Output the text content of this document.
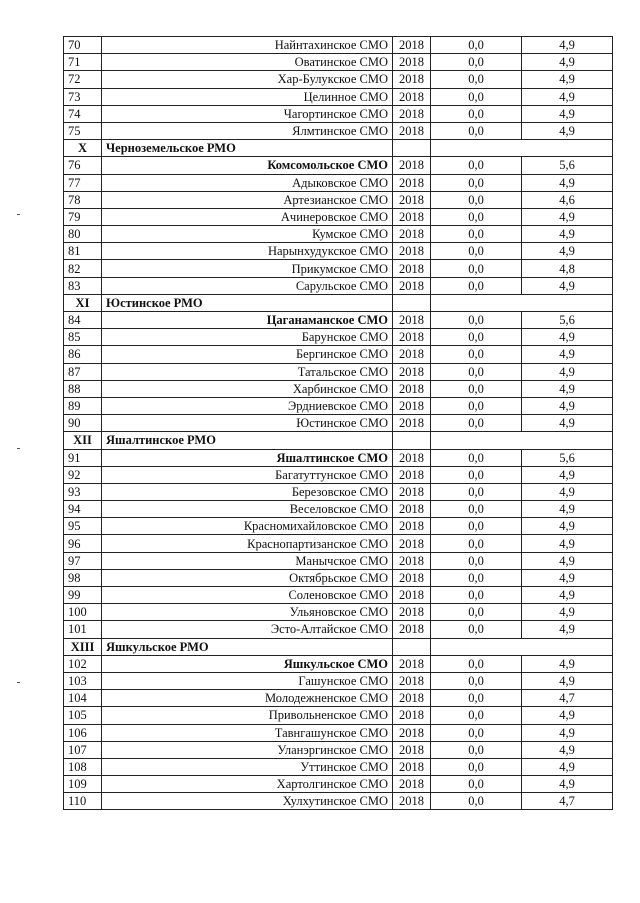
70	Найнтахинское СМО	2018	0,0	4,9
71	Оватинское СМО	2018	0,0	4,9
72	Хар-Булукское СМО	2018	0,0	4,9
73	Целинное СМО	2018	0,0	4,9
74	Чагортинское СМО	2018	0,0	4,9
75	Ялмтинское СМО	2018	0,0	4,9
X	Черноземельское РМО			
76	Комсомольское СМО	2018	0,0	5,6
77	Адыковское СМО	2018	0,0	4,9
78	Артезианское СМО	2018	0,0	4,6
79	Ачинеровское СМО	2018	0,0	4,9
80	Кумское СМО	2018	0,0	4,9
81	Нарынхудукское СМО	2018	0,0	4,9
82	Прикумское СМО	2018	0,0	4,8
83	Сарульское СМО	2018	0,0	4,9
XI	Юстинское РМО			
84	Цаганаманское СМО	2018	0,0	5,6
85	Барунское СМО	2018	0,0	4,9
86	Бергинское СМО	2018	0,0	4,9
87	Татальское СМО	2018	0,0	4,9
88	Харбинское СМО	2018	0,0	4,9
89	Эрдниевское СМО	2018	0,0	4,9
90	Юстинское СМО	2018	0,0	4,9
XII	Яшалтинское РМО			
91	Яшалтинское СМО	2018	0,0	5,6
92	Багатуттунское СМО	2018	0,0	4,9
93	Березовское СМО	2018	0,0	4,9
94	Веселовское СМО	2018	0,0	4,9
95	Красномихайловское СМО	2018	0,0	4,9
96	Краснопартизанское СМО	2018	0,0	4,9
97	Манычское СМО	2018	0,0	4,9
98	Октябрьское СМО	2018	0,0	4,9
99	Соленовское СМО	2018	0,0	4,9
100	Ульяновское СМО	2018	0,0	4,9
101	Эсто-Алтайское СМО	2018	0,0	4,9
XIII	Яшкульское РМО			
102	Яшкульское СМО	2018	0,0	4,9
103	Гашунское СМО	2018	0,0	4,9
104	Молодежненское СМО	2018	0,0	4,7
105	Привольненское СМО	2018	0,0	4,9
106	Тавнгашунское СМО	2018	0,0	4,9
107	Уланэргинское СМО	2018	0,0	4,9
108	Уттинское СМО	2018	0,0	4,9
109	Хартолгинское СМО	2018	0,0	4,9
110	Хулхутинское СМО	2018	0,0	4,7
